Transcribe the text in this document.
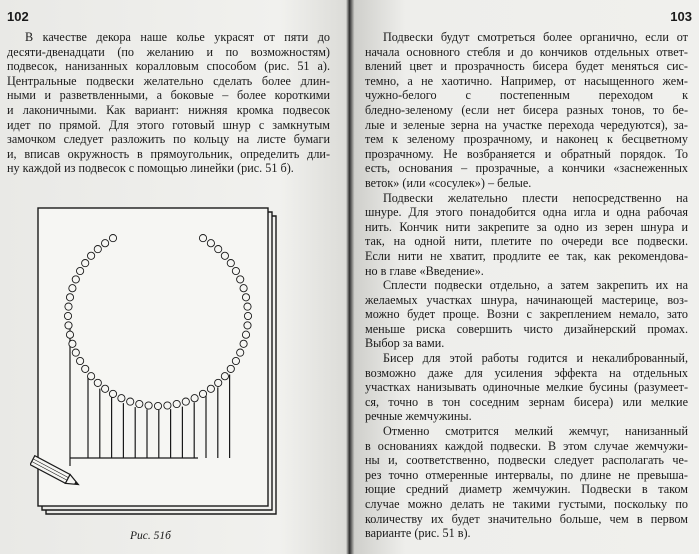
102
В качестве декора наше колье украсят от пяти до
десяти-двенадцати (по желанию и по возможностям)
подвесок, нанизанных коралловым способом (рис. 51 а).
Центральные подвески желательно сделать более длин-
ными и разветвленными, а боковые – более короткими
и лаконичными. Как вариант: нижняя кромка подвесок
идет по прямой. Для этого готовый шнур с замкнутым
замочком следует разложить по кольцу на листе бумаги
и, вписав окружность в прямоугольник, определить дли-
ну каждой из подвесок с помощью линейки (рис. 51 б).
Рис. 51б
103
Подвески будут смотреться более органично, если от
начала основного стебля и до кончиков отдельных ответ-
влений цвет и прозрачность бисера будет меняться сис-
темно, а не хаотично. Например, от насыщенного жем-
чужно-белого с постепенным переходом к
бледно-зеленому (если нет бисера разных тонов, то бе-
лые и зеленые зерна на участке перехода чередуются), за-
тем к зеленому прозрачному, и наконец к бесцветному
прозрачному. Не возбраняется и обратный порядок. То
есть, основания – прозрачные, а кончики «заснеженных
веток» (или «сосулек») – белые.
Подвески желательно плести непосредственно на
шнуре. Для этого понадобится одна игла и одна рабочая
нить. Кончик нити закрепите за одно из зерен шнура и
так, на одной нити, плетите по очереди все подвески.
Если нити не хватит, продлите ее так, как рекомендова-
но в главе «Введение».
Сплести подвески отдельно, а затем закрепить их на
желаемых участках шнура, начинающей мастерице, воз-
можно будет проще. Возни с закреплением немало, зато
меньше риска совершить чисто дизайнерский промах.
Выбор за вами.
Бисер для этой работы годится и некалиброванный,
возможно даже для усиления эффекта на отдельных
участках нанизывать одиночные мелкие бусины (разумеет-
ся, точно в тон соседним зернам бисера) или мелкие
речные жемчужины.
Отменно смотрится мелкий жемчуг, нанизанный
в основаниях каждой подвески. В этом случае жемчужи-
ны и, соответственно, подвески следует располагать че-
рез точно отмеренные интервалы, по длине не превыша-
ющие средний диаметр жемчужин. Подвески в таком
случае можно делать не такими густыми, поскольку по
количеству их будет значительно больше, чем в первом
варианте (рис. 51 в).
